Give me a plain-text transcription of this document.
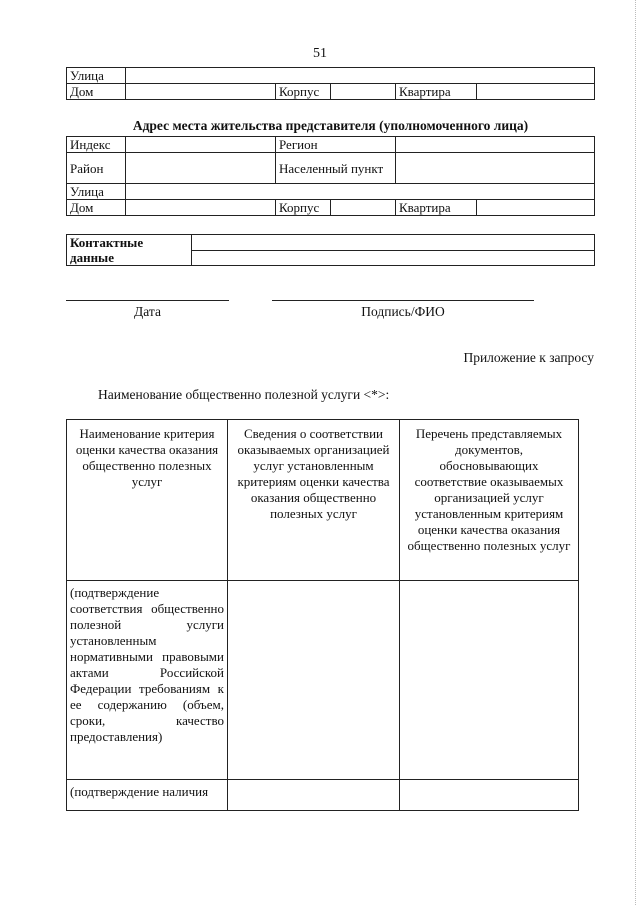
51
Улица					
Дом		Корпус		Квартира	
Адрес места жительства представителя (уполномоченного лица)
Индекс		Регион			
Район		Населенный пункт			
Улица					
Дом		Корпус		Квартира	
Контактные данные	

Дата	Подпись/ФИО
Приложение к запросу
Наименование общественно полезной услуги <*>:
Наименование критерия оценки качества оказания общественно полезных услуг	Сведения о соответствии оказываемых организацией услуг установленным критериям оценки качества оказания общественно полезных услуг	Перечень представляемых документов, обосновывающих соответствие оказываемых организацией услуг установленным критериям оценки качества оказания общественно полезных услуг
(подтверждение соответствия общественно полезной услуги установленным нормативными правовыми актами Российской Федерации требованиям к ее содержанию (объем, сроки, качество предоставления)		
(подтверждение наличия		
